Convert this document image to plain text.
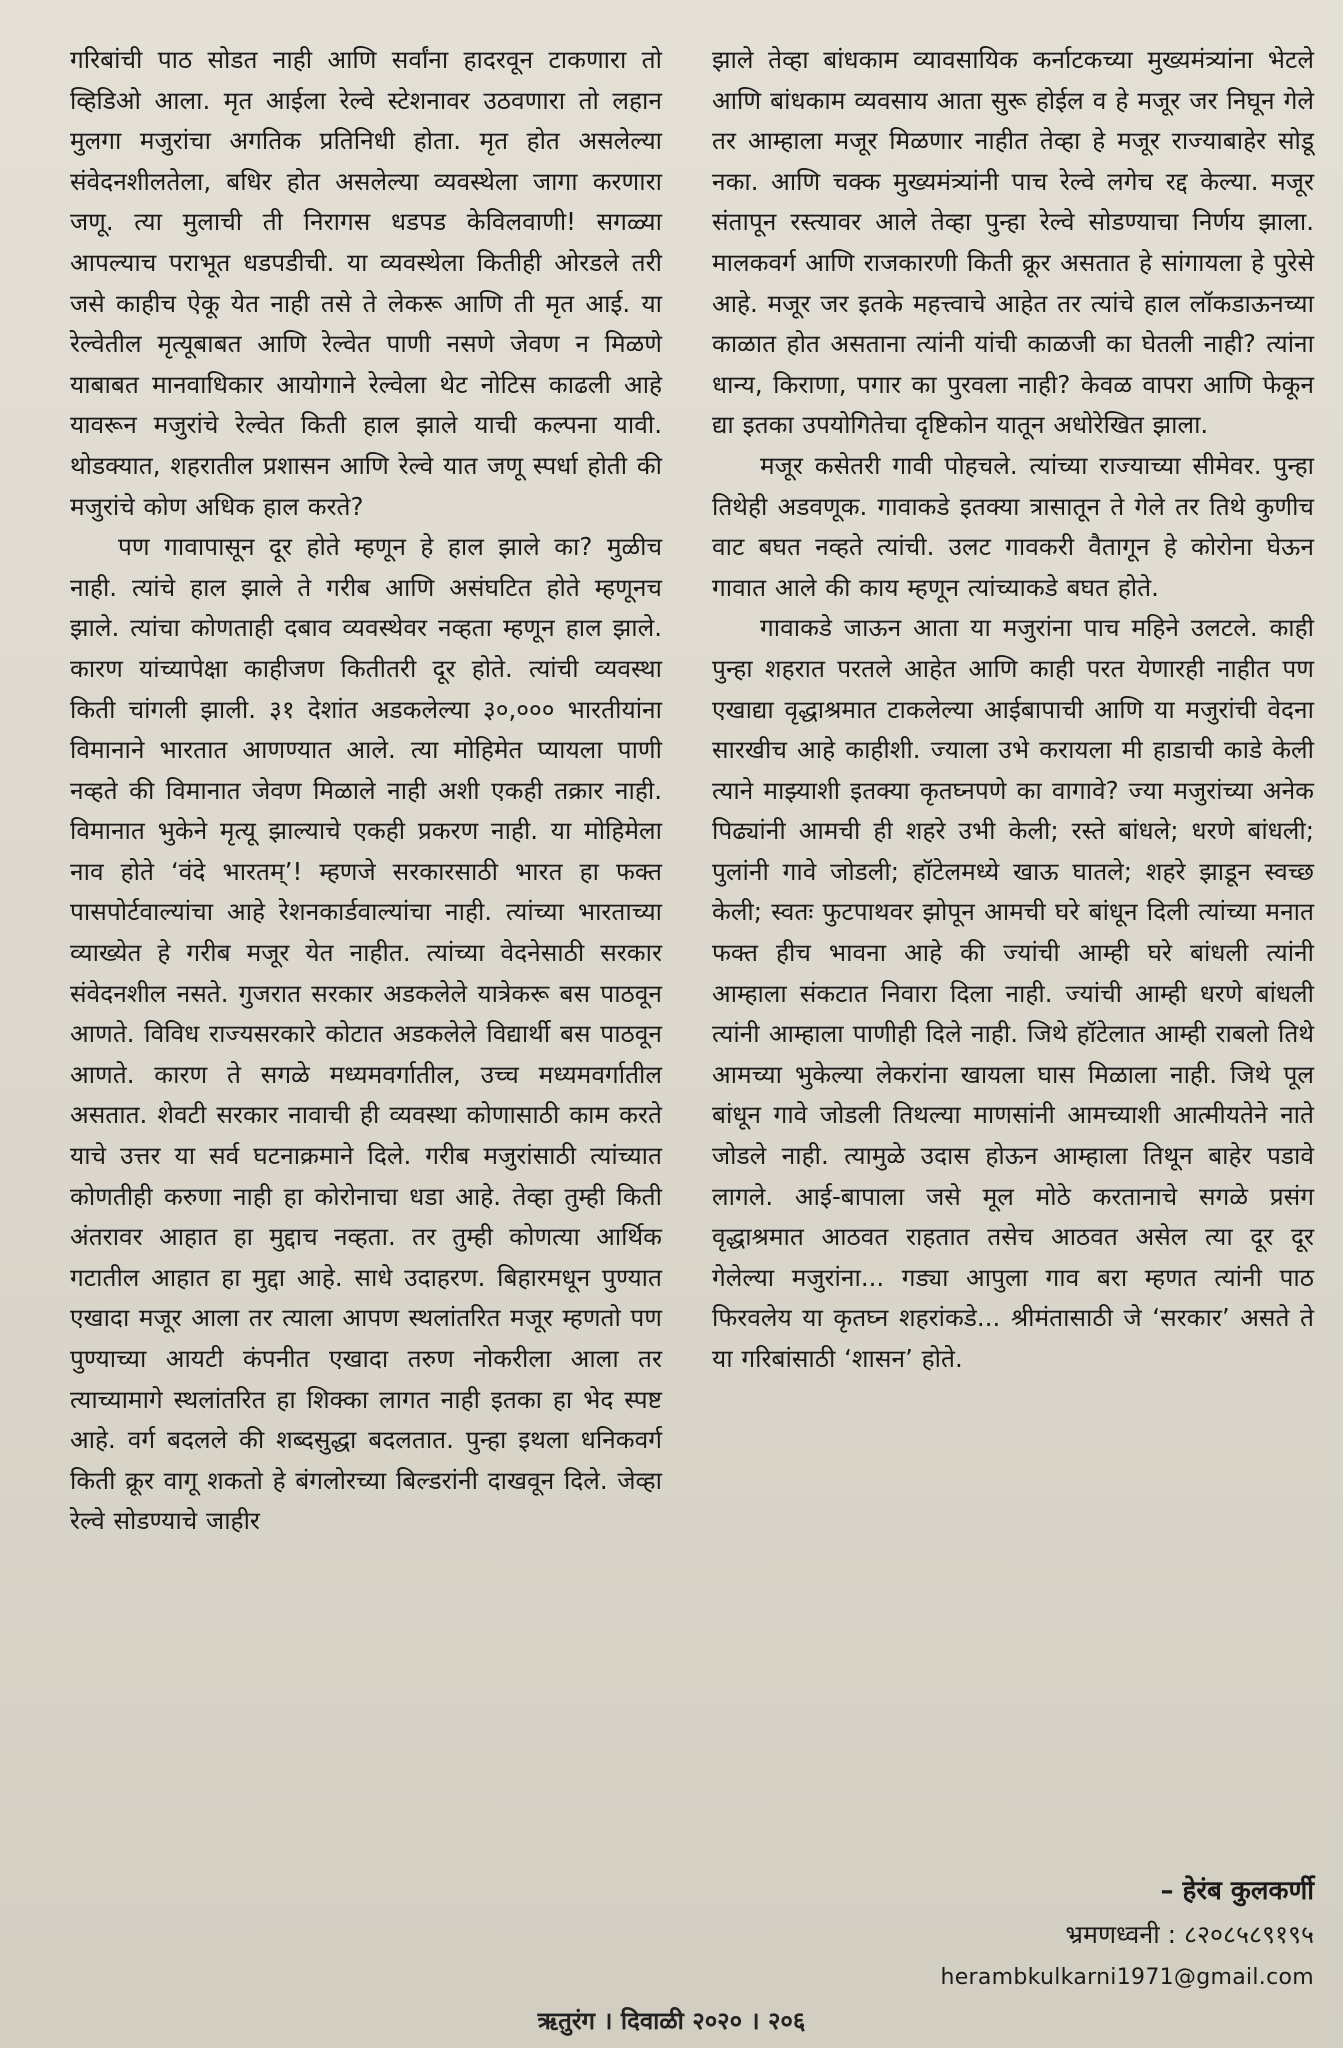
गरिबांची पाठ सोडत नाही आणि सर्वांना हादरवून टाकणारा तो व्हिडिओ आला. मृत आईला रेल्वे स्टेशनावर उठवणारा तो लहान मुलगा मजुरांचा अगतिक प्रतिनिधी होता. मृत होत असलेल्या संवेदनशीलतेला, बधिर होत असलेल्या व्यवस्थेला जागा करणारा जणू. त्या मुलाची ती निरागस धडपड केविलवाणी! सगळ्या आपल्याच पराभूत धडपडीची. या व्यवस्थेला कितीही ओरडले तरी जसे काहीच ऐकू येत नाही तसे ते लेकरू आणि ती मृत आई. या रेल्वेतील मृत्यूबाबत आणि रेल्वेत पाणी नसणे जेवण न मिळणे याबाबत मानवाधिकार आयोगाने रेल्वेला थेट नोटिस काढली आहे यावरून मजुरांचे रेल्वेत किती हाल झाले याची कल्पना यावी. थोडक्यात, शहरातील प्रशासन आणि रेल्वे यात जणू स्पर्धा होती की मजुरांचे कोण अधिक हाल करते?

पण गावापासून दूर होते म्हणून हे हाल झाले का? मुळीच नाही. त्यांचे हाल झाले ते गरीब आणि असंघटित होते म्हणूनच झाले. त्यांचा कोणताही दबाव व्यवस्थेवर नव्हता म्हणून हाल झाले. कारण यांच्यापेक्षा काहीजण कितीतरी दूर होते. त्यांची व्यवस्था किती चांगली झाली. ३१ देशांत अडकलेल्या ३०,००० भारतीयांना विमानाने भारतात आणण्यात आले. त्या मोहिमेत प्यायला पाणी नव्हते की विमानात जेवण मिळाले नाही अशी एकही तक्रार नाही. विमानात भुकेने मृत्यू झाल्याचे एकही प्रकरण नाही. या मोहिमेला नाव होते ‘वंदे भारतम्’! म्हणजे सरकारसाठी भारत हा फक्त पासपोर्टवाल्यांचा आहे रेशनकार्डवाल्यांचा नाही. त्यांच्या भारताच्या व्याख्येत हे गरीब मजूर येत नाहीत. त्यांच्या वेदनेसाठी सरकार संवेदनशील नसते. गुजरात सरकार अडकलेले यात्रेकरू बस पाठवून आणते. विविध राज्यसरकारे कोटात अडकलेले विद्यार्थी बस पाठवून आणते. कारण ते सगळे मध्यमवर्गातील, उच्च मध्यमवर्गातील असतात. शेवटी सरकार नावाची ही व्यवस्था कोणासाठी काम करते याचे उत्तर या सर्व घटनाक्रमाने दिले. गरीब मजुरांसाठी त्यांच्यात कोणतीही करुणा नाही हा कोरोनाचा धडा आहे. तेव्हा तुम्ही किती अंतरावर आहात हा मुद्दाच नव्हता. तर तुम्ही कोणत्या आर्थिक गटातील आहात हा मुद्दा आहे. साधे उदाहरण. बिहारमधून पुण्यात एखादा मजूर आला तर त्याला आपण स्थलांतरित मजूर म्हणतो पण पुण्याच्या आयटी कंपनीत एखादा तरुण नोकरीला आला तर त्याच्यामागे स्थलांतरित हा शिक्का लागत नाही इतका हा भेद स्पष्ट आहे. वर्ग बदलले की शब्दसुद्धा बदलतात. पुन्हा इथला धनिकवर्ग किती क्रूर वागू शकतो हे बंगलोरच्या बिल्डरांनी दाखवून दिले. जेव्हा रेल्वे सोडण्याचे जाहीर

झाले तेव्हा बांधकाम व्यावसायिक कर्नाटकच्या मुख्यमंत्र्यांना भेटले आणि बांधकाम व्यवसाय आता सुरू होईल व हे मजूर जर निघून गेले तर आम्हाला मजूर मिळणार नाहीत तेव्हा हे मजूर राज्याबाहेर सोडू नका. आणि चक्क मुख्यमंत्र्यांनी पाच रेल्वे लगेच रद्द केल्या. मजूर संतापून रस्त्यावर आले तेव्हा पुन्हा रेल्वे सोडण्याचा निर्णय झाला. मालकवर्ग आणि राजकारणी किती क्रूर असतात हे सांगायला हे पुरेसे आहे. मजूर जर इतके महत्त्वाचे आहेत तर त्यांचे हाल लॉकडाऊनच्या काळात होत असताना त्यांनी यांची काळजी का घेतली नाही? त्यांना धान्य, किराणा, पगार का पुरवला नाही? केवळ वापरा आणि फेकून द्या इतका उपयोगितेचा दृष्टिकोन यातून अधोरेखित झाला.

मजूर कसेतरी गावी पोहचले. त्यांच्या राज्याच्या सीमेवर. पुन्हा तिथेही अडवणूक. गावाकडे इतक्या त्रासातून ते गेले तर तिथे कुणीच वाट बघत नव्हते त्यांची. उलट गावकरी वैतागून हे कोरोना घेऊन गावात आले की काय म्हणून त्यांच्याकडे बघत होते.

गावाकडे जाऊन आता या मजुरांना पाच महिने उलटले. काही पुन्हा शहरात परतले आहेत आणि काही परत येणारही नाहीत पण एखाद्या वृद्धाश्रमात टाकलेल्या आईबापाची आणि या मजुरांची वेदना सारखीच आहे काहीशी. ज्याला उभे करायला मी हाडाची काडे केली त्याने माझ्याशी इतक्या कृतघ्नपणे का वागावे? ज्या मजुरांच्या अनेक पिढ्यांनी आमची ही शहरे उभी केली; रस्ते बांधले; धरणे बांधली; पुलांनी गावे जोडली; हॉटेलमध्ये खाऊ घातले; शहरे झाडून स्वच्छ केली; स्वतः फुटपाथवर झोपून आमची घरे बांधून दिली त्यांच्या मनात फक्त हीच भावना आहे की ज्यांची आम्ही घरे बांधली त्यांनी आम्हाला संकटात निवारा दिला नाही. ज्यांची आम्ही धरणे बांधली त्यांनी आम्हाला पाणीही दिले नाही. जिथे हॉटेलात आम्ही राबलो तिथे आमच्या भुकेल्या लेकरांना खायला घास मिळाला नाही. जिथे पूल बांधून गावे जोडली तिथल्या माणसांनी आमच्याशी आत्मीयतेने नाते जोडले नाही. त्यामुळे उदास होऊन आम्हाला तिथून बाहेर पडावे लागले. आई-बापाला जसे मूल मोठे करतानाचे सगळे प्रसंग वृद्धाश्रमात आठवत राहतात तसेच आठवत असेल त्या दूर दूर गेलेल्या मजुरांना... गड्या आपुला गाव बरा म्हणत त्यांनी पाठ फिरवलेय या कृतघ्न शहरांकडे... श्रीमंतासाठी जे ‘सरकार’ असते ते या गरिबांसाठी ‘शासन’ होते.

– हेरंब कुलकर्णी
भ्रमणध्वनी : ८२०८५८९१९५
herambkulkarni1971@gmail.com
ऋतुरंग । दिवाळी २०२० । २०६
